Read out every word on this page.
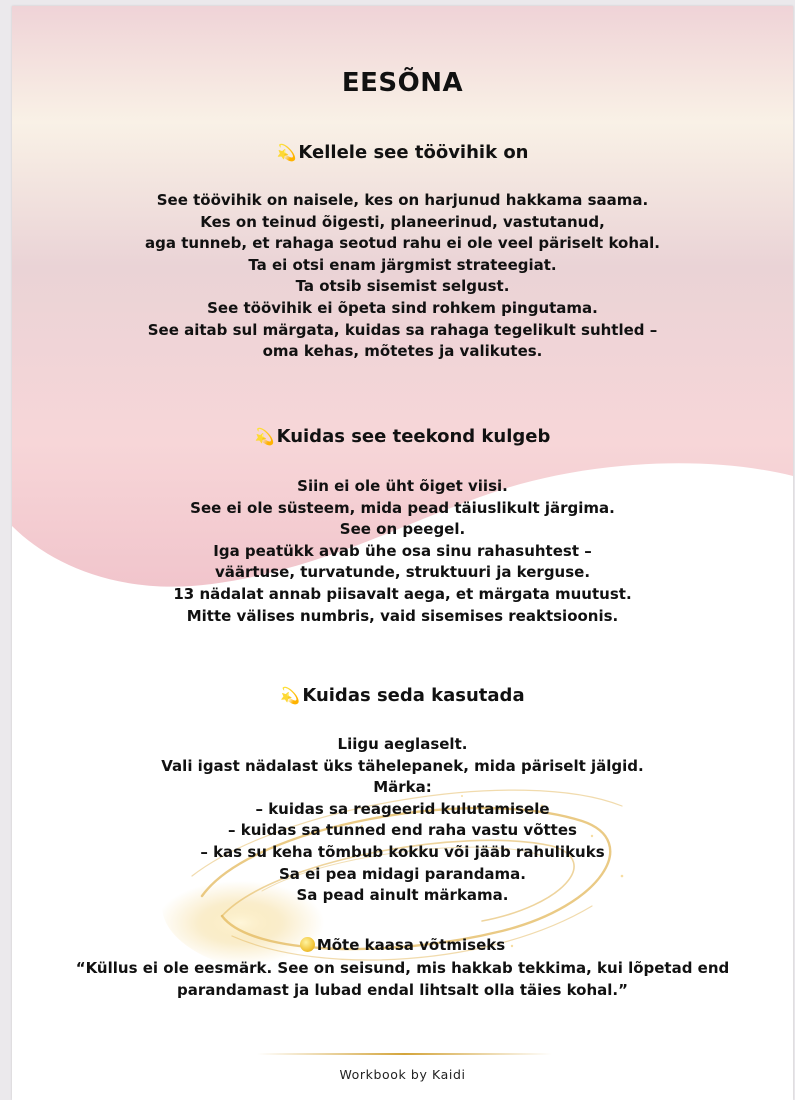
EESÕNA
💫 Kellele see töövihik on
See töövihik on naisele, kes on harjunud hakkama saama.
Kes on teinud õigesti, planeerinud, vastutanud,
aga tunneb, et rahaga seotud rahu ei ole veel päriselt kohal.
Ta ei otsi enam järgmist strateegiat.
Ta otsib sisemist selgust.
See töövihik ei õpeta sind rohkem pingutama.
See aitab sul märgata, kuidas sa rahaga tegelikult suhtled –
oma kehas, mõtetes ja valikutes.
💫 Kuidas see teekond kulgeb
Siin ei ole üht õiget viisi.
See ei ole süsteem, mida pead täiuslikult järgima.
See on peegel.
Iga peatükk avab ühe osa sinu rahasuhtest –
väärtuse, turvatunde, struktuuri ja kerguse.
13 nädalat annab piisavalt aega, et märgata muutust.
Mitte välises numbris, vaid sisemises reaktsioonis.
💫 Kuidas seda kasutada
Liigu aeglaselt.
Vali igast nädalast üks tähelepanek, mida päriselt jälgid.
Märka:
– kuidas sa reageerid kulutamisele
– kuidas sa tunned end raha vastu võttes
– kas su keha tõmbub kokku või jääb rahulikuks
Sa ei pea midagi parandama.
Sa pead ainult märkama.
Mõte kaasa võtmiseks
“Küllus ei ole eesmärk. See on seisund, mis hakkab tekkima, kui lõpetad end
parandamast ja lubad endal lihtsalt olla täies kohal.”
Workbook by Kaidi
